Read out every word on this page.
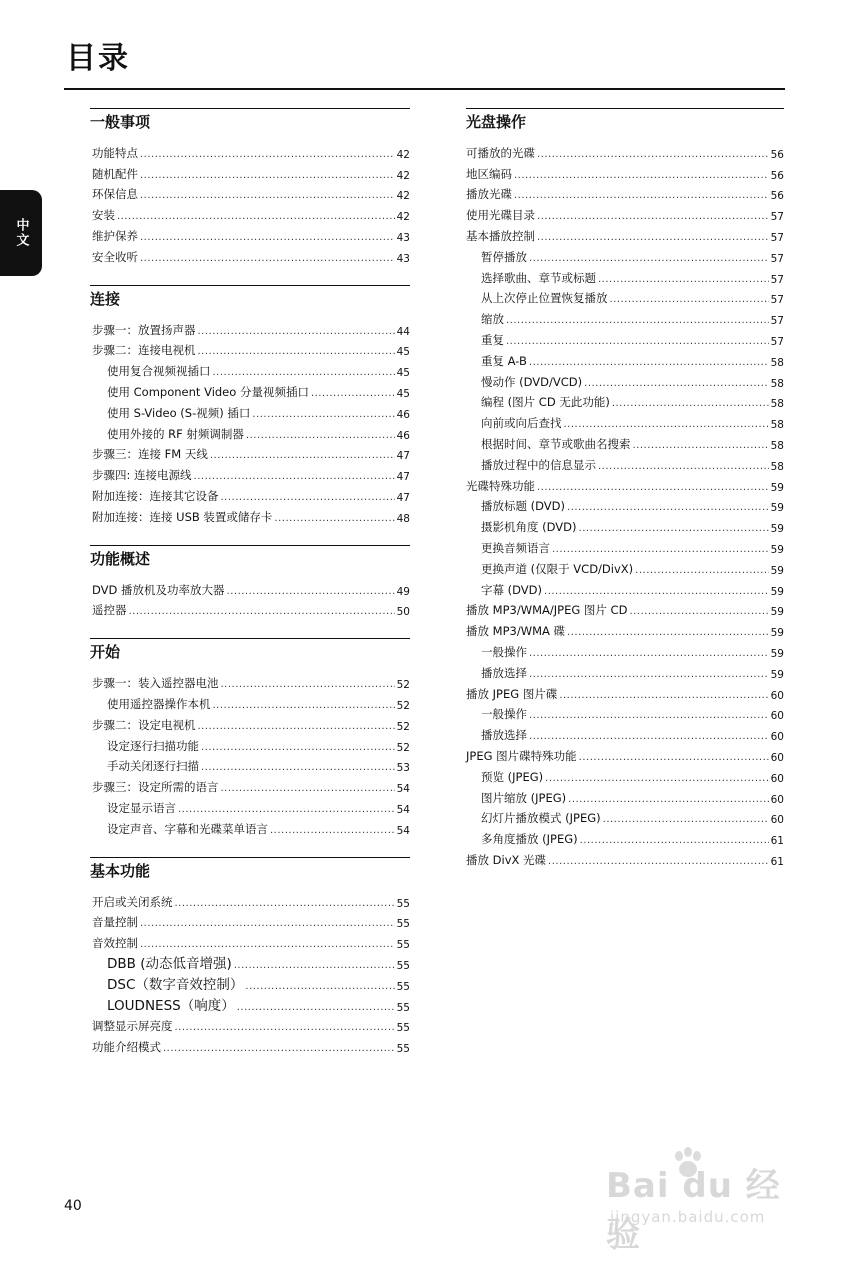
目录
中文
一般事项
功能特点 .....	42
随机配件 .....	42
环保信息 .....	42
安装 .....	42
维护保养 .....	43
安全收听 .....	43
连接
步骤一：放置扬声器 .....	44
步骤二：连接电视机 .....	45
使用复合视频视插口 .....	45
使用 Component Video 分量视频插口 .....	45
使用 S-Video (S-视频) 插口 .....	46
使用外接的 RF 射频调制器 .....	46
步骤三：连接 FM 天线 .....	47
步骤四: 连接电源线 .....	47
附加连接：连接其它设备 .....	47
附加连接：连接 USB 装置或储存卡 .....	48
功能概述
DVD 播放机及功率放大器 .....	49
遥控器 .....	50
开始
步骤一：装入遥控器电池 .....	52
使用遥控器操作本机 .....	52
步骤二：设定电视机 .....	52
设定逐行扫描功能 .....	52
手动关闭逐行扫描 .....	53
步骤三：设定所需的语言 .....	54
设定显示语言 .....	54
设定声音、字幕和光碟菜单语言 .....	54
基本功能
开启或关闭系统 .....	55
音量控制 .....	55
音效控制 .....	55
DBB (动态低音增强) .....	55
DSC（数字音效控制） .....	55
LOUDNESS（响度） .....	55
调整显示屏亮度 .....	55
功能介绍模式 .....	55
光盘操作
可播放的光碟 .....	56
地区编码 .....	56
播放光碟 .....	56
使用光碟目录 .....	57
基本播放控制 .....	57
暂停播放 .....	57
选择歌曲、章节或标题 .....	57
从上次停止位置恢复播放 .....	57
缩放 .....	57
重复 .....	57
重复 A-B .....	58
慢动作 (DVD/VCD) .....	58
编程 (图片 CD 无此功能) .....	58
向前或向后查找 .....	58
根据时间、章节或歌曲名搜索 .....	58
播放过程中的信息显示 .....	58
光碟特殊功能 .....	59
播放标题 (DVD) .....	59
摄影机角度 (DVD) .....	59
更换音频语言 .....	59
更换声道 (仅限于 VCD/DivX) .....	59
字幕 (DVD) .....	59
播放 MP3/WMA/JPEG 图片 CD .....	59
播放 MP3/WMA 碟 .....	59
一般操作 .....	59
播放选择 .....	59
播放 JPEG 图片碟 .....	60
一般操作 .....	60
播放选择 .....	60
JPEG 图片碟特殊功能 .....	60
预览 (JPEG) .....	60
图片缩放 (JPEG) .....	60
幻灯片播放模式 (JPEG) .....	60
多角度播放 (JPEG) .....	61
播放 DivX 光碟 .....	61
40	Bai du 经验
jingyan.baidu.com
